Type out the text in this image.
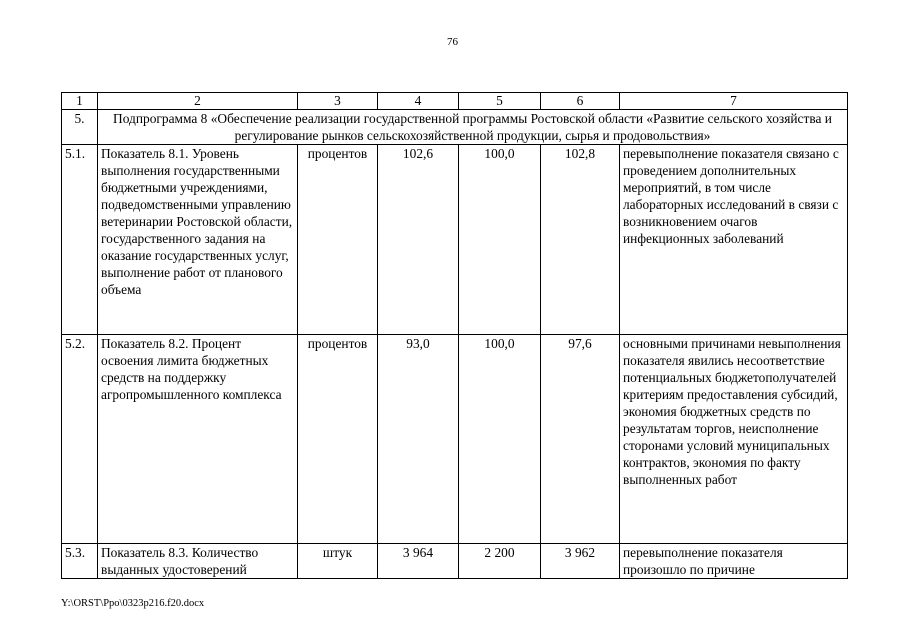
76
1	2	3	4	5	6	7
5.	Подпрограмма 8 «Обеспечение реализации государственной программы Ростовской области «Развитие сельского хозяйства и регулирование рынков сельскохозяйственной продукции, сырья и продовольствия»					
5.1.	Показатель 8.1. Уровень выполнения государственными бюджетными учреждениями, подведомственными управлению ветеринарии Ростовской области, государственного задания на оказание государственных услуг, выполнение работ от планового объема	процентов	102,6	100,0	102,8	перевыполнение показателя связано с проведением дополнительных мероприятий, в том числе лабораторных исследований в связи с возникновением очагов инфекционных заболеваний
5.2.	Показатель 8.2. Процент освоения лимита бюджетных средств на поддержку агропромышленного комплекса	процентов	93,0	100,0	97,6	основными причинами невыполнения показателя явились несоответствие потенциальных бюджетополучателей критериям предоставления субсидий, экономия бюджетных средств по результатам торгов, неисполнение сторонами условий муниципальных контрактов, экономия по факту выполненных работ
5.3.	Показатель 8.3. Количество выданных удостоверений	штук	3 964	2 200	3 962	перевыполнение показателя произошло по причине
Y:\ORST\Ppo\0323p216.f20.docx
